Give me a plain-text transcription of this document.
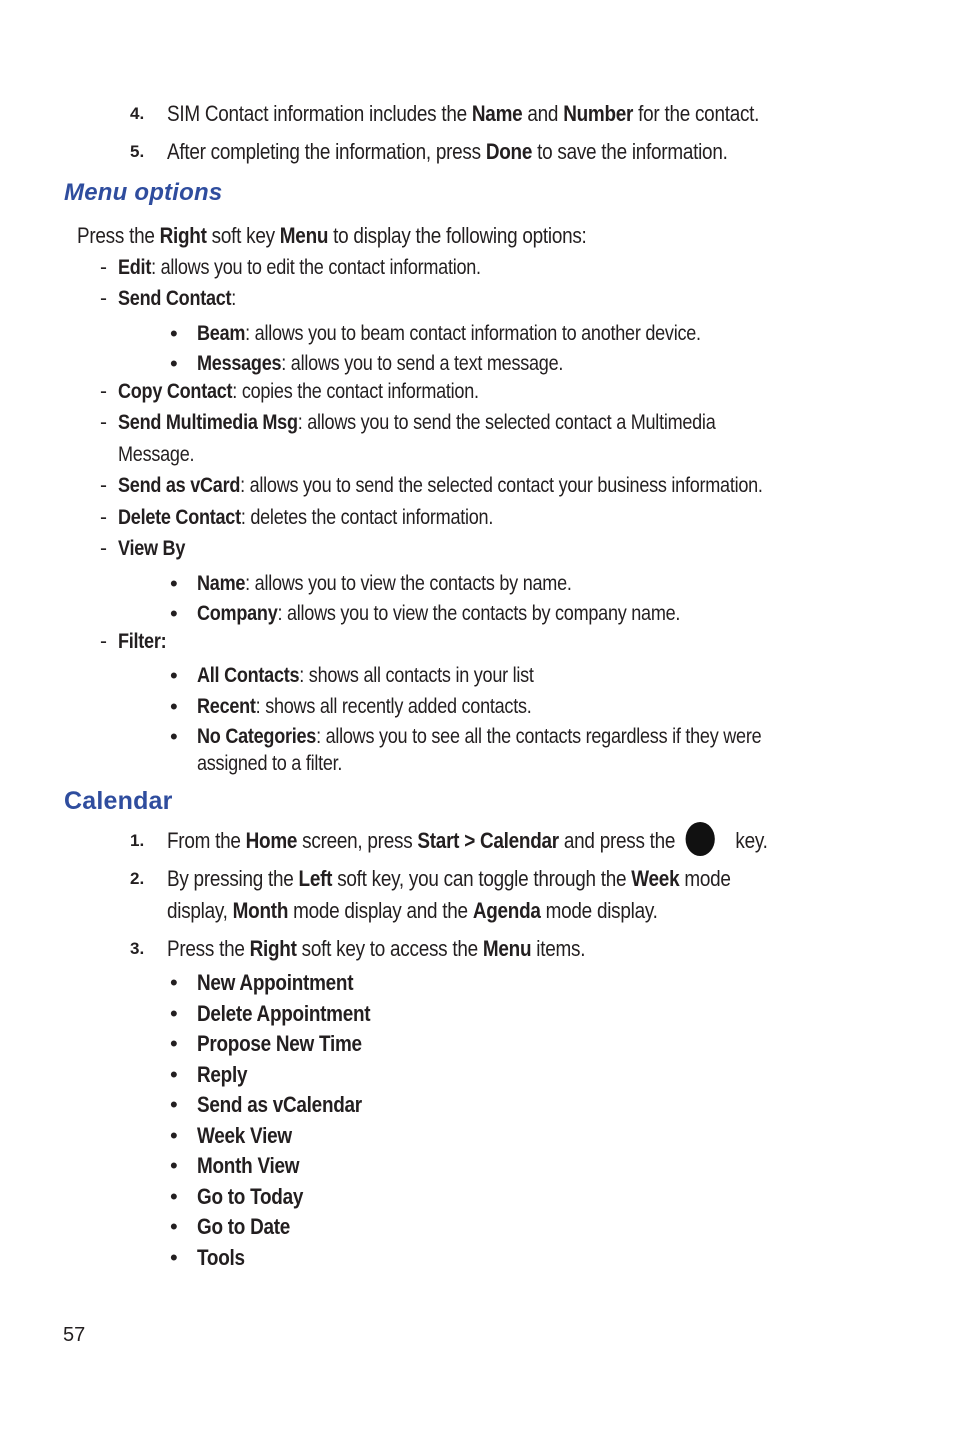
4. SIM Contact information includes the Name and Number for the contact.
5. After completing the information, press Done to save the information.
Menu options
Press the Right soft key Menu to display the following options:
- Edit: allows you to edit the contact information.
- Send Contact:
• Beam: allows you to beam contact information to another device.
• Messages: allows you to send a text message.
- Copy Contact: copies the contact information.
- Send Multimedia Msg: allows you to send the selected contact a Multimedia
Message.
- Send as vCard: allows you to send the selected contact your business information.
- Delete Contact: deletes the contact information.
- View By
• Name: allows you to view the contacts by name.
• Company: allows you to view the contacts by company name.
- Filter:
• All Contacts: shows all contacts in your list
• Recent: shows all recently added contacts.
• No Categories: allows you to see all the contacts regardless if they were
assigned to a filter.
Calendar
1. From the Home screen, press Start > Calendar and press the	key.
2. By pressing the Left soft key, you can toggle through the Week mode
display, Month mode display and the Agenda mode display.
3. Press the Right soft key to access the Menu items.
• New Appointment
• Delete Appointment
• Propose New Time
• Reply
• Send as vCalendar
• Week View
• Month View
• Go to Today
• Go to Date
• Tools
57
